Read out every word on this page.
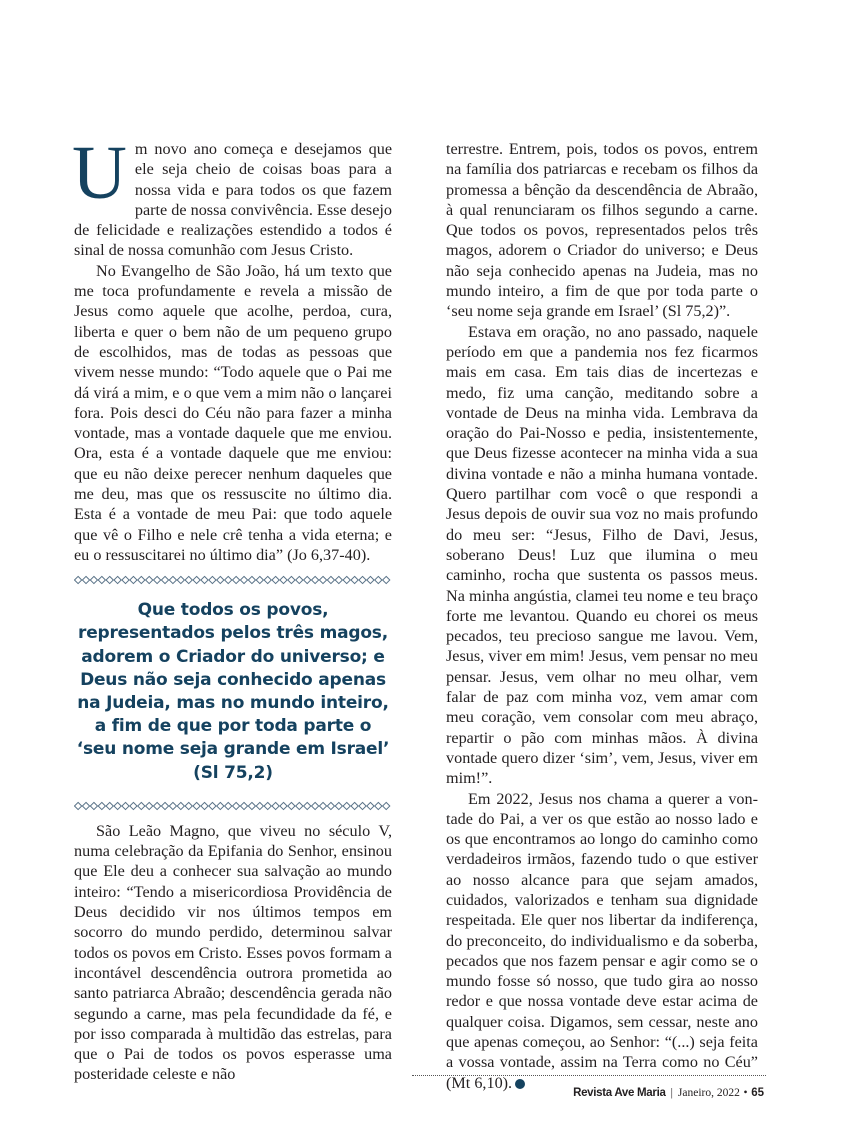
Um novo ano começa e desejamos que ele seja cheio de coisas boas para a nossa vida e para todos os que fazem parte de nossa convivência. Esse desejo de felicidade e realizações estendido a todos é sinal de nossa comunhão com Jesus Cristo.

No Evangelho de São João, há um texto que me toca profundamente e revela a missão de Jesus como aquele que acolhe, perdoa, cura, liberta e quer o bem não de um pequeno grupo de escolhidos, mas de todas as pessoas que vivem nesse mundo: “Todo aquele que o Pai me dá virá a mim, e o que vem a mim não o lançarei fora. Pois desci do Céu não para fazer a minha vontade, mas a vontade daquele que me enviou. Ora, esta é a vontade daquele que me enviou: que eu não deixe perecer nenhum daqueles que me deu, mas que os ressuscite no último dia. Esta é a vontade de meu Pai: que todo aquele que vê o Filho e nele crê tenha a vida eterna; e eu o ressuscitarei no último dia” (Jo 6,37-40).

Que todos os povos, representados pelos três magos, adorem o Criador do universo; e Deus não seja conhecido apenas na Judeia, mas no mundo inteiro, a fim de que por toda parte o ‘seu nome seja grande em Israel’ (Sl 75,2)

São Leão Magno, que viveu no século V, numa celebração da Epifania do Senhor, ensinou que Ele deu a conhecer sua salvação ao mundo inteiro: “Tendo a misericordiosa Providência de Deus decidido vir nos últimos tempos em socorro do mundo perdido, determinou salvar todos os povos em Cristo. Esses povos formam a incontável descendência outrora prometida ao santo patriarca Abraão; descendência gerada não segundo a carne, mas pela fecundidade da fé, e por isso comparada à multidão das estrelas, para que o Pai de todos os povos esperasse uma posteridade celeste e não

terrestre. Entrem, pois, todos os povos, entrem na família dos patriarcas e recebam os filhos da promessa a bênção da descendência de Abraão, à qual renunciaram os filhos segundo a carne. Que todos os povos, representados pelos três magos, adorem o Criador do universo; e Deus não seja conhecido apenas na Judeia, mas no mundo inteiro, a fim de que por toda parte o ‘seu nome seja grande em Israel’ (Sl 75,2)”.

Estava em oração, no ano passado, naquele período em que a pandemia nos fez ficarmos mais em casa. Em tais dias de incertezas e medo, fiz uma canção, meditando sobre a vontade de Deus na minha vida. Lembrava da oração do Pai-Nosso e pedia, insistentemente, que Deus fizesse acontecer na minha vida a sua divina vontade e não a minha humana vontade. Quero partilhar com você o que respondi a Jesus depois de ouvir sua voz no mais profundo do meu ser: “Jesus, Filho de Davi, Jesus, soberano Deus! Luz que ilumina o meu caminho, rocha que sustenta os passos meus. Na minha angústia, clamei teu nome e teu braço forte me levantou. Quando eu chorei os meus pecados, teu precioso sangue me lavou. Vem, Jesus, viver em mim! Jesus, vem pensar no meu pensar. Jesus, vem olhar no meu olhar, vem falar de paz com minha voz, vem amar com meu coração, vem consolar com meu abraço, repartir o pão com minhas mãos. À divina vontade quero dizer ‘sim’, vem, Jesus, viver em mim!”.

Em 2022, Jesus nos chama a querer a vontade do Pai, a ver os que estão ao nosso lado e os que encontramos ao longo do caminho como verdadeiros irmãos, fazendo tudo o que estiver ao nosso alcance para que sejam amados, cuidados, valorizados e tenham sua dignidade respeitada. Ele quer nos libertar da indiferença, do preconceito, do individualismo e da soberba, pecados que nos fazem pensar e agir como se o mundo fosse só nosso, que tudo gira ao nosso redor e que nossa vontade deve estar acima de qualquer coisa. Digamos, sem cessar, neste ano que apenas começou, ao Senhor: “(...) seja feita a vossa vontade, assim na Terra como no Céu” (Mt 6,10).

Revista Ave Maria | Janeiro, 2022 • 65
